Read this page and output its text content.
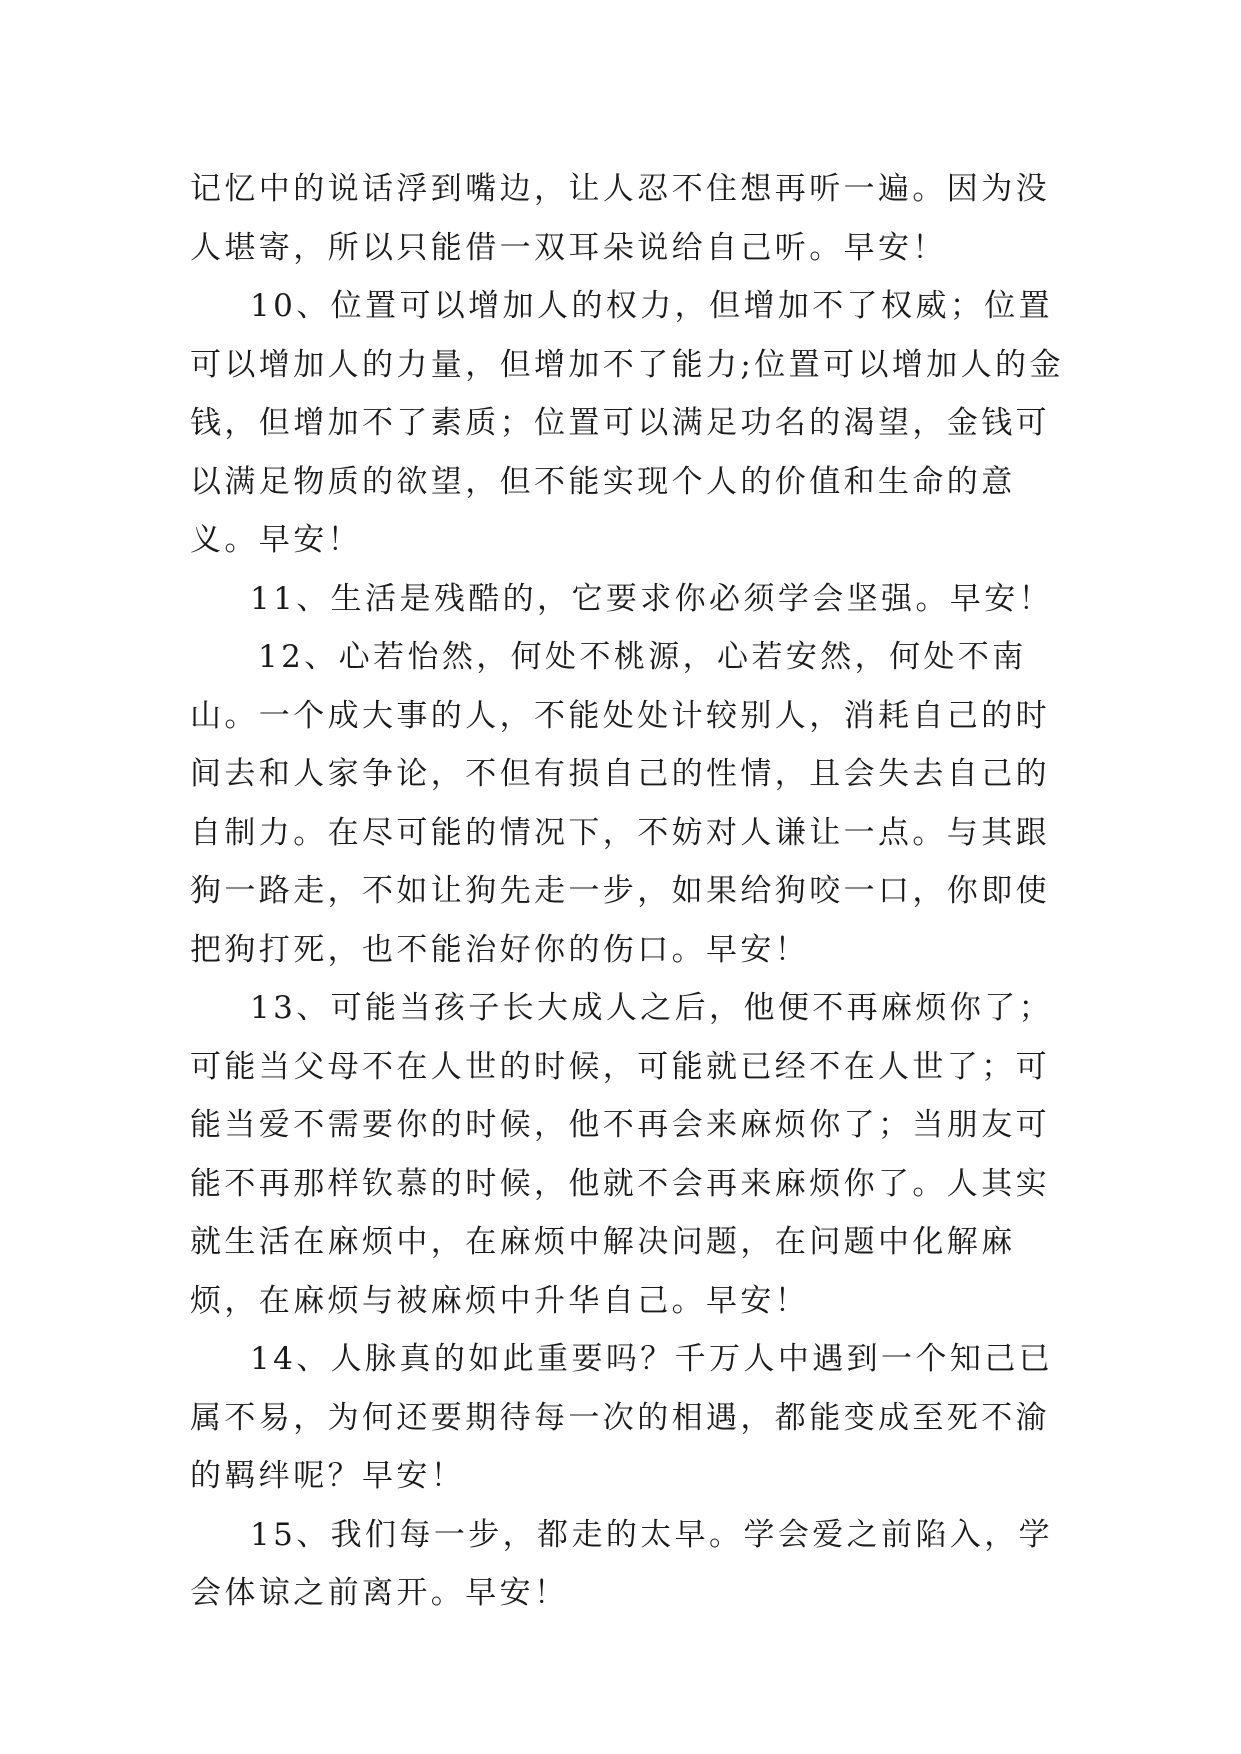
记忆中的说话浮到嘴边，让人忍不住想再听一遍。因为没人堪寄，所以只能借一双耳朵说给自己听。早安！

10、位置可以增加人的权力，但增加不了权威；位置可以增加人的力量，但增加不了能力;位置可以增加人的金钱，但增加不了素质；位置可以满足功名的渴望，金钱可以满足物质的欲望，但不能实现个人的价值和生命的意义。早安！

11、生活是残酷的，它要求你必须学会坚强。早安！

12、心若怡然，何处不桃源，心若安然，何处不南山。一个成大事的人，不能处处计较别人，消耗自己的时间去和人家争论，不但有损自己的性情，且会失去自己的自制力。在尽可能的情况下，不妨对人谦让一点。与其跟狗一路走，不如让狗先走一步，如果给狗咬一口，你即使把狗打死，也不能治好你的伤口。早安！

13、可能当孩子长大成人之后，他便不再麻烦你了；可能当父母不在人世的时候，可能就已经不在人世了；可能当爱不需要你的时候，他不再会来麻烦你了；当朋友可能不再那样钦慕的时候，他就不会再来麻烦你了。人其实就生活在麻烦中，在麻烦中解决问题，在问题中化解麻烦，在麻烦与被麻烦中升华自己。早安！

14、人脉真的如此重要吗？千万人中遇到一个知己已属不易，为何还要期待每一次的相遇，都能变成至死不渝的羁绊呢？早安！

15、我们每一步，都走的太早。学会爱之前陷入，学会体谅之前离开。早安！
